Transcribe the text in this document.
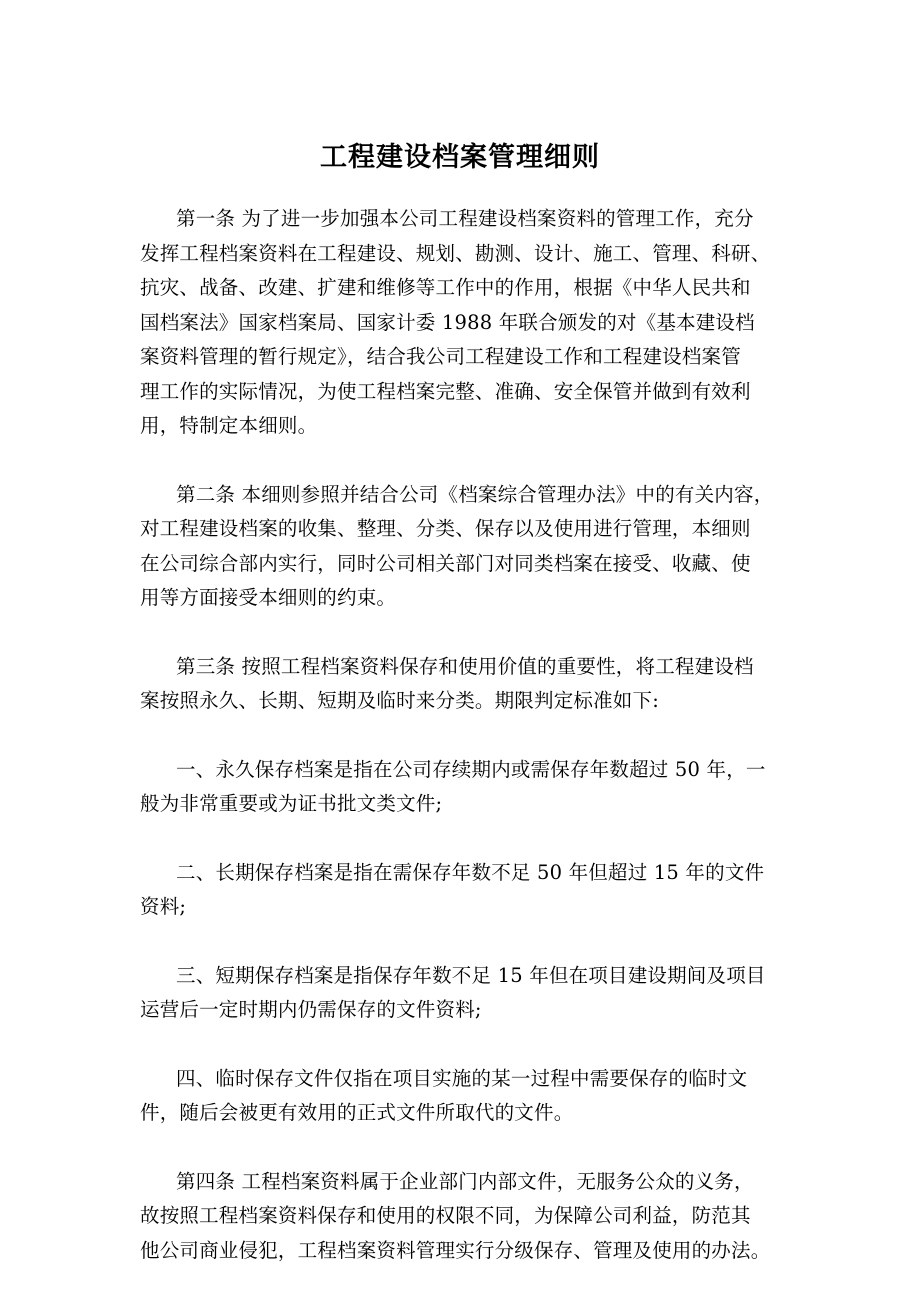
工程建设档案管理细则
第一条 为了进一步加强本公司工程建设档案资料的管理工作，充分
发挥工程档案资料在工程建设、规划、勘测、设计、施工、管理、科研、
抗灾、战备、改建、扩建和维修等工作中的作用，根据《中华人民共和
国档案法》国家档案局、国家计委 1988 年联合颁发的对《基本建设档
案资料管理的暂行规定》，结合我公司工程建设工作和工程建设档案管
理工作的实际情况，为使工程档案完整、准确、安全保管并做到有效利
用，特制定本细则。
第二条 本细则参照并结合公司《档案综合管理办法》中的有关内容，
对工程建设档案的收集、整理、分类、保存以及使用进行管理，本细则
在公司综合部内实行，同时公司相关部门对同类档案在接受、收藏、使
用等方面接受本细则的约束。
第三条 按照工程档案资料保存和使用价值的重要性，将工程建设档
案按照永久、长期、短期及临时来分类。期限判定标准如下:
一、永久保存档案是指在公司存续期内或需保存年数超过 50 年，一
般为非常重要或为证书批文类文件;
二、长期保存档案是指在需保存年数不足 50 年但超过 15 年的文件
资料;
三、短期保存档案是指保存年数不足 15 年但在项目建设期间及项目
运营后一定时期内仍需保存的文件资料;
四、临时保存文件仅指在项目实施的某一过程中需要保存的临时文
件，随后会被更有效用的正式文件所取代的文件。
第四条 工程档案资料属于企业部门内部文件，无服务公众的义务，
故按照工程档案资料保存和使用的权限不同，为保障公司利益，防范其
他公司商业侵犯，工程档案资料管理实行分级保存、管理及使用的办法。
